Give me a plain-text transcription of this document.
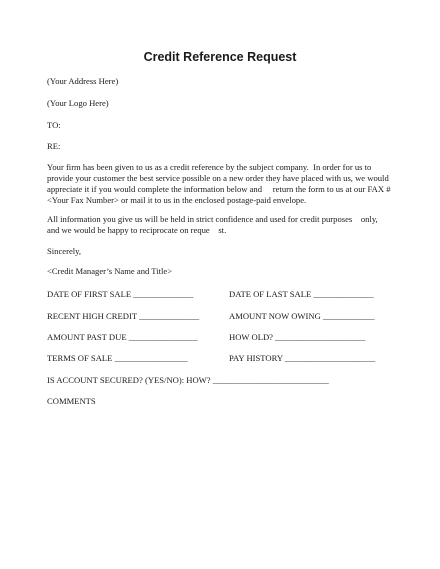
Credit Reference Request
(Your Address Here)
(Your Logo Here)
TO:
RE:
Your firm has been given to us as a credit reference by the subject company.  In order for us to
provide your customer the best service possible on a new order they have placed with us, we would
appreciate it if you would complete the information below and     return the form to us at our FAX #
<Your Fax Number> or mail it to us in the enclosed postage-paid envelope.
All information you give us will be held in strict confidence and used for credit purposes    only,
and we would be happy to reciprocate on reque    st.
Sincerely,
<Credit Manager’s Name and Title>
DATE OF FIRST SALE ______________	DATE OF LAST SALE ______________
RECENT HIGH CREDIT ______________	AMOUNT NOW OWING ____________
AMOUNT PAST DUE ________________	HOW OLD? _____________________
TERMS OF SALE _________________	PAY HISTORY _____________________
IS ACCOUNT SECURED? (YES/NO): HOW? ___________________________
COMMENTS
